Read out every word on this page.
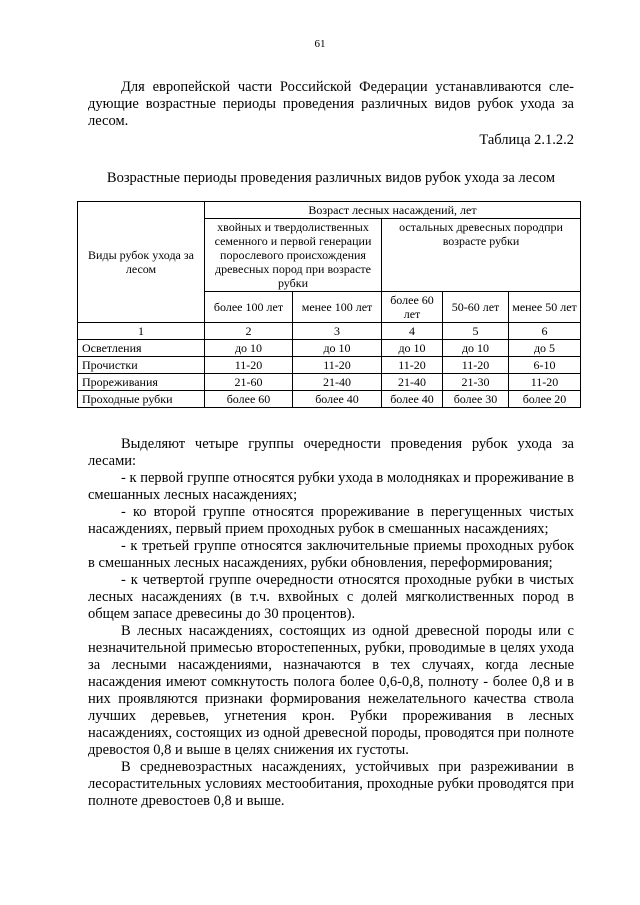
61

Для европейской части Российской Федерации устанавливаются следующие возрастные периоды проведения различных видов рубок ухода за лесом.

Таблица 2.1.2.2
Возрастные периоды проведения различных видов рубок ухода за лесом
Виды рубок ухода за лесом	Возраст лесных насаждений, лет				
	хвойных и твердолиственных семенного и первой генерации порослевого происхождения древесных пород при возрасте рубки		остальных древесных породпри возрасте рубки		
	более 100 лет	менее 100 лет	более 60 лет	50-60 лет	менее 50 лет
1	2	3	4	5	6
Осветления	до 10	до 10	до 10	до 10	до 5
Прочистки	11-20	11-20	11-20	11-20	6-10
Прореживания	21-60	21-40	21-40	21-30	11-20
Проходные рубки	более 60	более 40	более 40	более 30	более 20

Выделяют четыре группы очередности проведения рубок ухода за лесами:

- к первой группе относятся рубки ухода в молодняках и прореживание в смешанных лесных насаждениях;

- ко второй группе относятся прореживание в перегущенных чистых насаждениях, первый прием проходных рубок в смешанных насаждениях;

- к третьей группе относятся заключительные приемы проходных рубок в смешанных лесных насаждениях, рубки обновления, переформирования;

- к четвертой группе очередности относятся проходные рубки в чистых лесных насаждениях (в т.ч. вхвойных с долей мягколиственных пород в общем запасе древесины до 30 процентов).

В лесных насаждениях, состоящих из одной древесной породы или с незначительной примесью второстепенных, рубки, проводимые в целях ухода за лесными насаждениями, назначаются в тех случаях, когда лесные насаждения имеют сомкнутость полога более 0,6-0,8, полноту - более 0,8 и в них проявляются признаки формирования нежелательного качества ствола лучших деревьев, угнетения крон. Рубки прореживания в лесных насаждениях, состоящих из одной древесной породы, проводятся при полноте древостоя 0,8 и выше в целях снижения их густоты.

В средневозрастных насаждениях, устойчивых при разреживании в лесорастительных условиях местообитания, проходные рубки проводятся при полноте древостоев 0,8 и выше.
